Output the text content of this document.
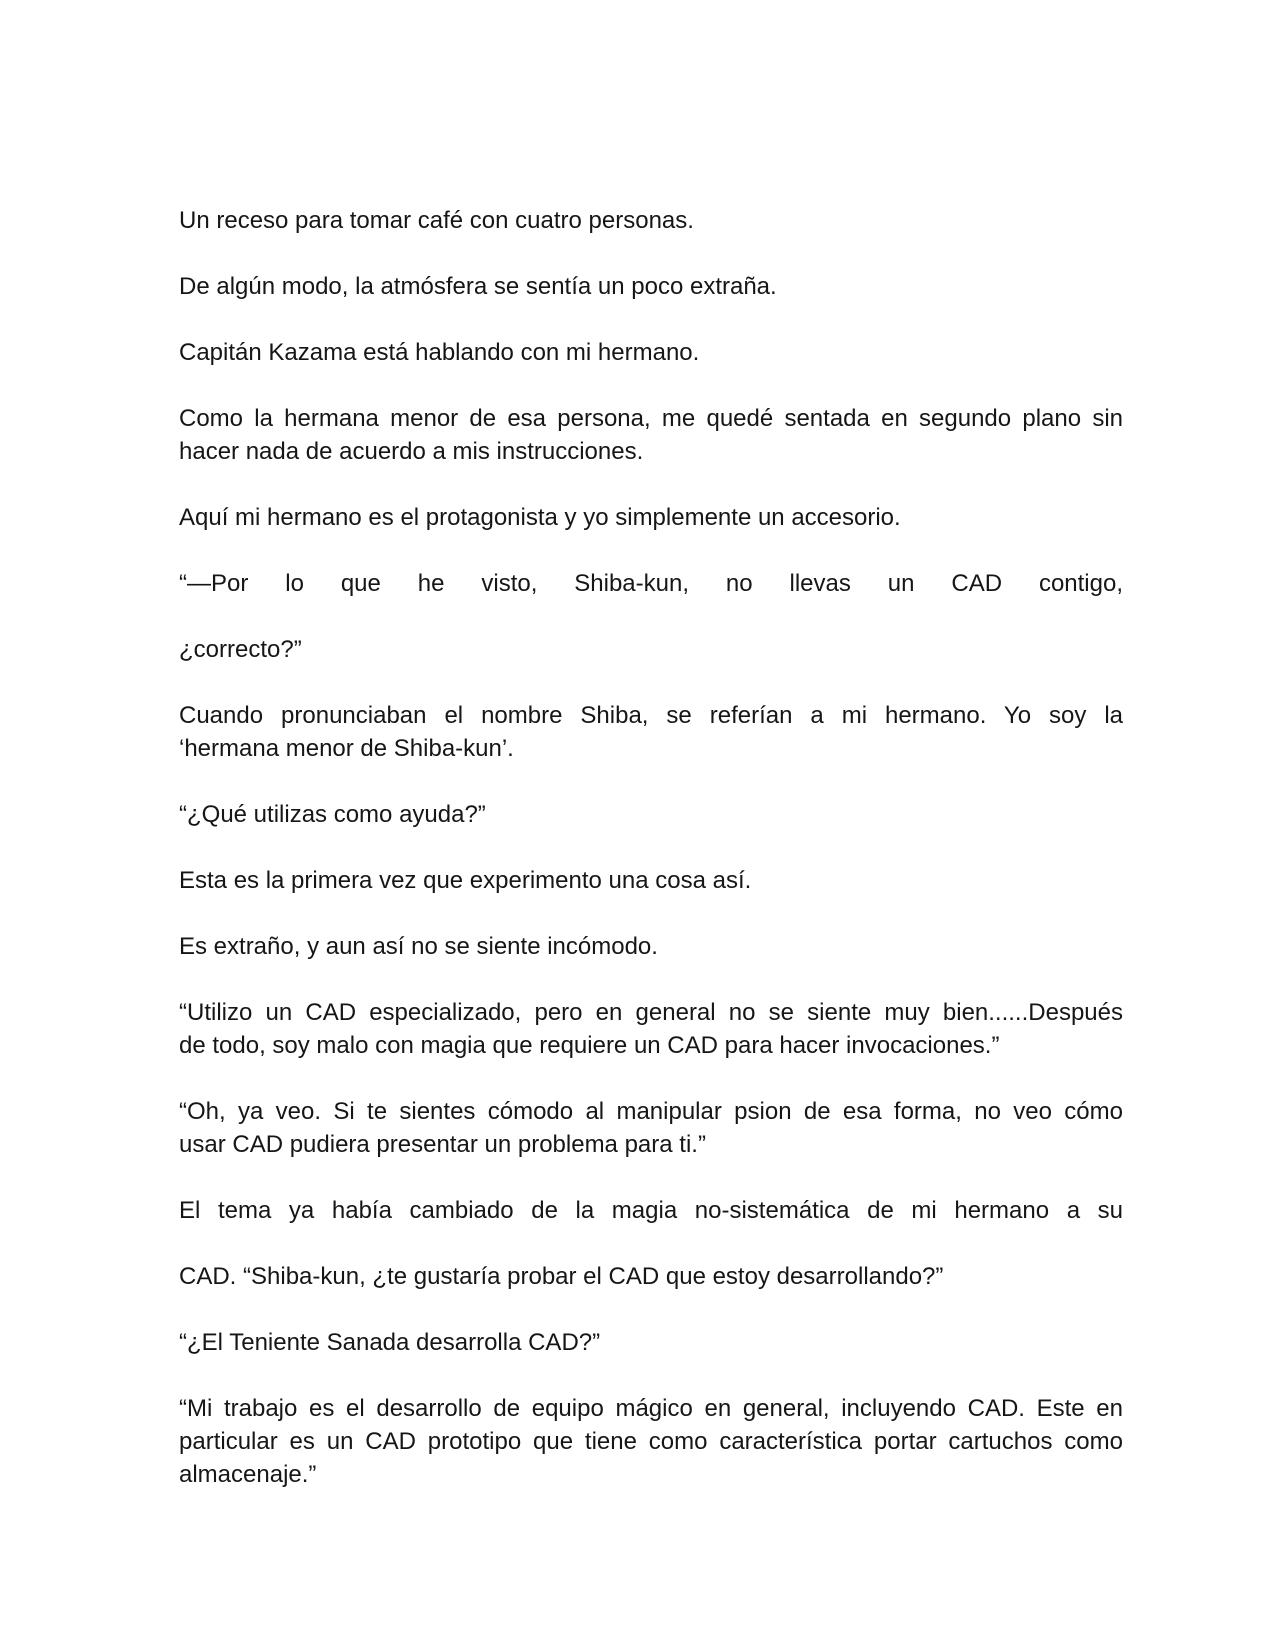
Un receso para tomar café con cuatro personas.
De algún modo, la atmósfera se sentía un poco extraña.
Capitán Kazama está hablando con mi hermano.
Como la hermana menor de esa persona, me quedé sentada en segundo plano sin
hacer nada de acuerdo a mis instrucciones.
Aquí mi hermano es el protagonista y yo simplemente un accesorio.
“—Por lo que he visto, Shiba-kun, no llevas un CAD contigo,
¿correcto?”
Cuando pronunciaban el nombre Shiba, se referían a mi hermano. Yo soy la
‘hermana menor de Shiba-kun’.
“¿Qué utilizas como ayuda?”
Esta es la primera vez que experimento una cosa así.
Es extraño, y aun así no se siente incómodo.
“Utilizo un CAD especializado, pero en general no se siente muy bien......Después
de todo, soy malo con magia que requiere un CAD para hacer invocaciones.”
“Oh, ya veo. Si te sientes cómodo al manipular psion de esa forma, no veo cómo
usar CAD pudiera presentar un problema para ti.”
El tema ya había cambiado de la magia no-sistemática de mi hermano a su
CAD. “Shiba-kun, ¿te gustaría probar el CAD que estoy desarrollando?”
“¿El Teniente Sanada desarrolla CAD?”
“Mi trabajo es el desarrollo de equipo mágico en general, incluyendo CAD. Este en
particular es un CAD prototipo que tiene como característica portar cartuchos como
almacenaje.”
